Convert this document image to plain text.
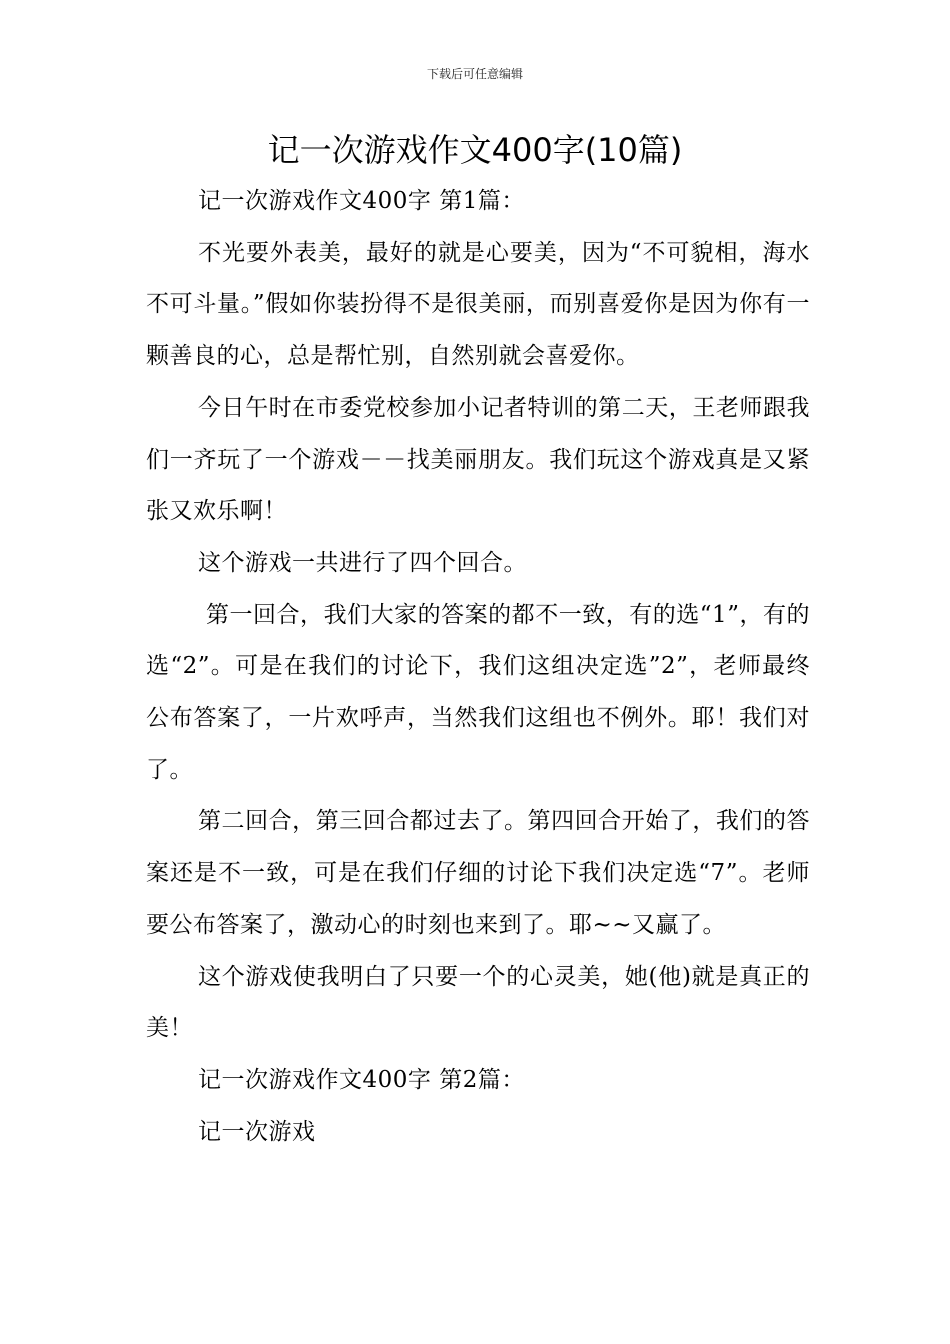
下载后可任意编辑
记一次游戏作文400字(10篇)

记一次游戏作文400字 第1篇：

不光要外表美，最好的就是心要美，因为“不可貌相，海水不可斗量。”假如你装扮得不是很美丽，而别喜爱你是因为你有一颗善良的心，总是帮忙别，自然别就会喜爱你。

今日午时在市委党校参加小记者特训的第二天，王老师跟我们一齐玩了一个游戏－－找美丽朋友。我们玩这个游戏真是又紧张又欢乐啊！

这个游戏一共进行了四个回合。

第一回合，我们大家的答案的都不一致，有的选“1”，有的选“2”。可是在我们的讨论下，我们这组决定选”2”，老师最终公布答案了，一片欢呼声，当然我们这组也不例外。耶！我们对了。

第二回合，第三回合都过去了。第四回合开始了，我们的答案还是不一致，可是在我们仔细的讨论下我们决定选“7”。老师要公布答案了，激动心的时刻也来到了。耶~~又赢了。

这个游戏使我明白了只要一个的心灵美，她(他)就是真正的美！

记一次游戏作文400字 第2篇：

记一次游戏
